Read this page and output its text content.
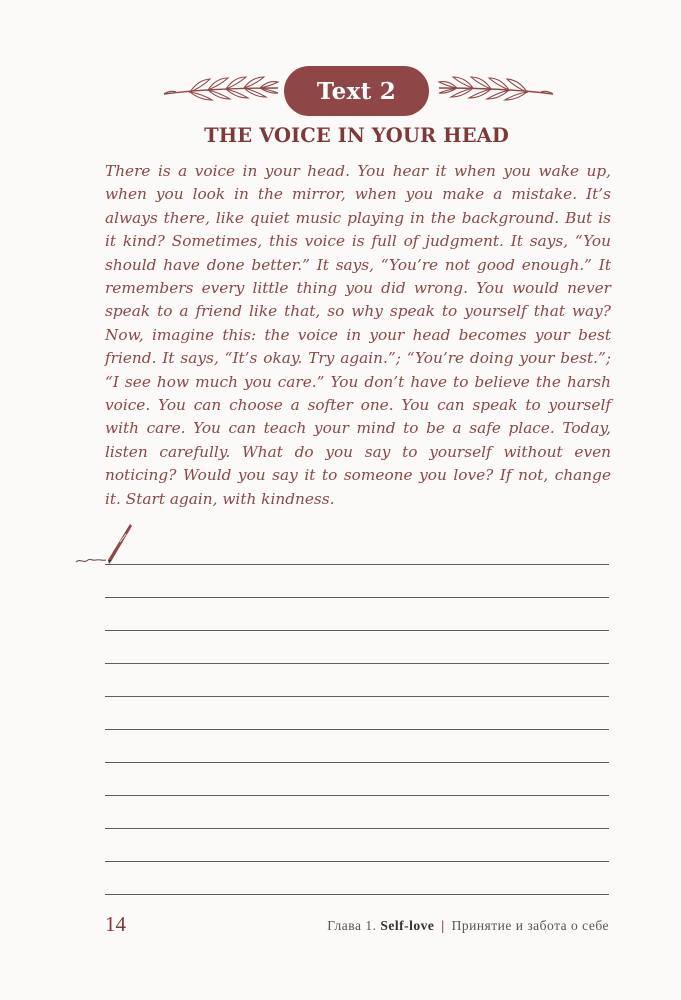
Text 2
THE VOICE IN YOUR HEAD

There is a voice in your head. You hear it when you wake up, when you look in the mirror, when you make a mistake. It’s always there, like quiet music playing in the background. But is it kind? Sometimes, this voice is full of judgment. It says, “You should have done better.” It says, “You’re not good enough.” It remembers every little thing you did wrong. You would never speak to a friend like that, so why speak to yourself that way? Now, imagine this: the voice in your head becomes your best friend. It says, “It’s okay. Try again.”; “You’re doing your best.”; “I see how much you care.” You don’t have to believe the harsh voice. You can choose a softer one. You can speak to yourself with care. You can teach your mind to be a safe place. Today, listen carefully. What do you say to yourself without even noticing? Would you say it to someone you love? If not, change it. Start again, with kindness.

14	Глава 1. Self-love | Принятие и забота о себе
